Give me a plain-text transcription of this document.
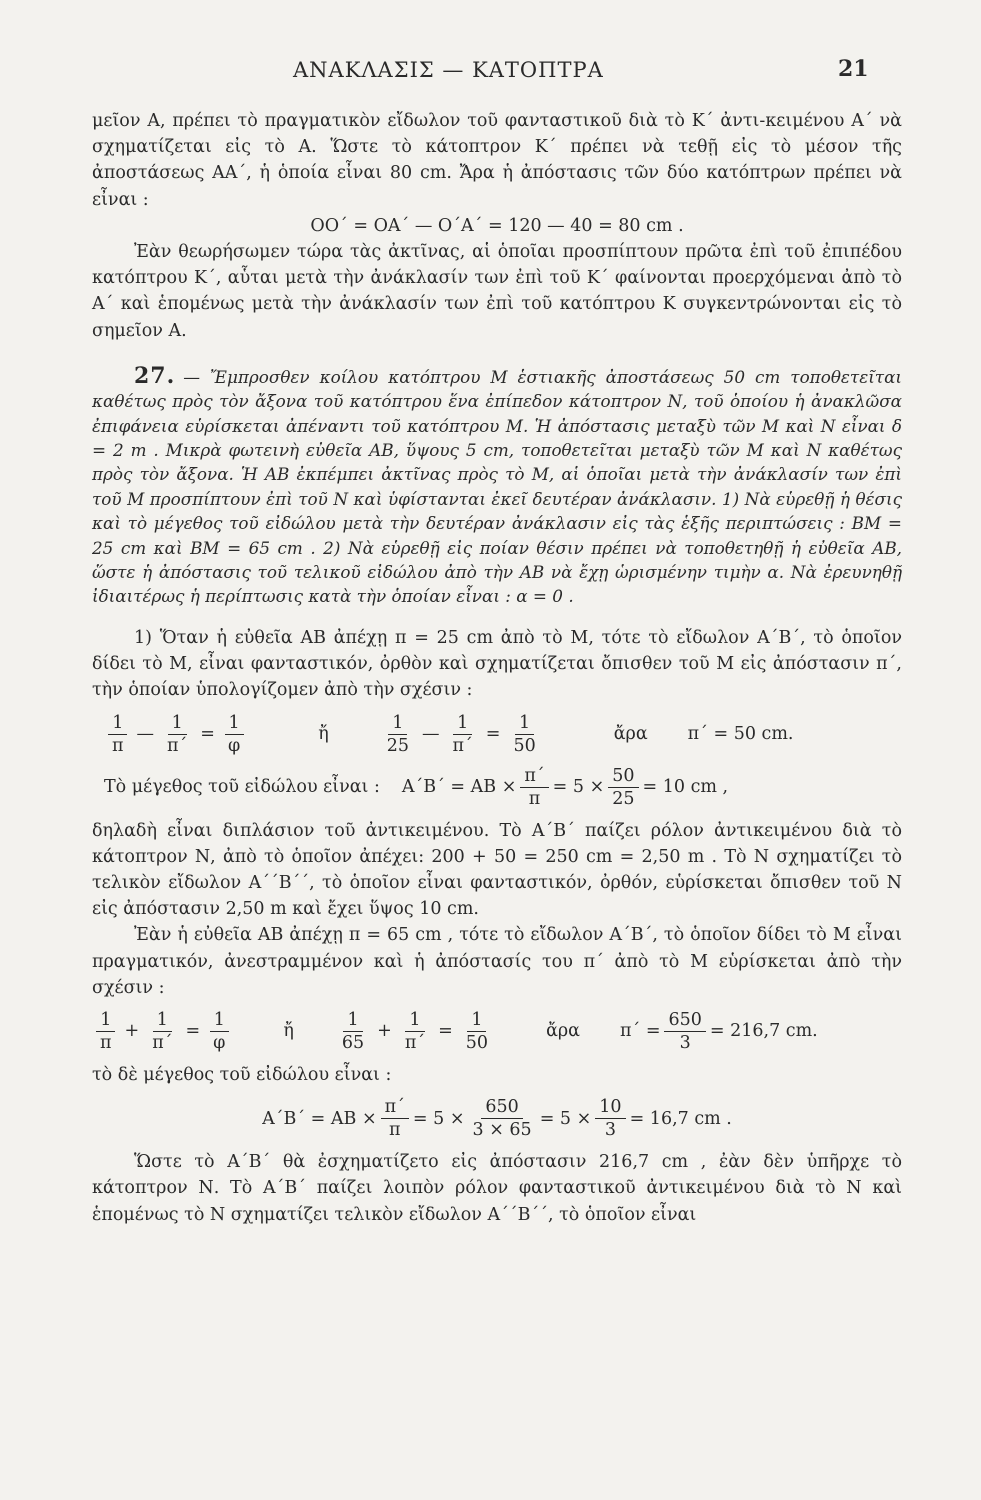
ΑΝΑΚΛΑΣΙΣ — ΚΑΤΟΠΤΡΑ	21

μεῖον Α, πρέπει τὸ πραγματικὸν εἴδωλον τοῦ φανταστικοῦ διὰ τὸ Κ΄ ἀντι-κειμένου Α΄ νὰ σχηματίζεται εἰς τὸ Α. Ὥστε τὸ κάτοπτρον Κ΄ πρέπει νὰ τεθῇ εἰς τὸ μέσον τῆς ἀποστάσεως ΑΑ΄, ἡ ὁποία εἶναι 80 cm. Ἄρα ἡ ἀπόστασις τῶν δύο κατόπτρων πρέπει νὰ εἶναι :

ΟΟ΄ = ΟΑ΄ — Ο΄Α΄ = 120 — 40 = 80 cm .

Ἐὰν θεωρήσωμεν τώρα τὰς ἀκτῖνας, αἱ ὁποῖαι προσπίπτουν πρῶτα ἐπὶ τοῦ ἐπιπέδου κατόπτρου Κ΄, αὗται μετὰ τὴν ἀνάκλασίν των ἐπὶ τοῦ Κ΄ φαίνονται προερχόμεναι ἀπὸ τὸ Α΄ καὶ ἑπομένως μετὰ τὴν ἀνάκλασίν των ἐπὶ τοῦ κατόπτρου Κ συγκεντρώνονται εἰς τὸ σημεῖον Α.

27. — Ἔμπροσθεν κοίλου κατόπτρου Μ ἑστιακῆς ἀποστάσεως 50 cm τοποθετεῖται καθέτως πρὸς τὸν ἄξονα τοῦ κατόπτρου ἕνα ἐπίπεδον κάτοπτρον Ν, τοῦ ὁποίου ἡ ἀνακλῶσα ἐπιφάνεια εὑρίσκεται ἀπέναντι τοῦ κατόπτρου Μ. Ἡ ἀπόστασις μεταξὺ τῶν Μ καὶ Ν εἶναι δ = 2 m . Μικρὰ φωτεινὴ εὐθεῖα ΑΒ, ὕψους 5 cm, τοποθετεῖται μεταξὺ τῶν Μ καὶ Ν καθέτως πρὸς τὸν ἄξονα. Ἡ ΑΒ ἐκπέμπει ἀκτῖνας πρὸς τὸ Μ, αἱ ὁποῖαι μετὰ τὴν ἀνάκλασίν των ἐπὶ τοῦ Μ προσπίπτουν ἐπὶ τοῦ Ν καὶ ὑφίστανται ἐκεῖ δευτέραν ἀνάκλασιν. 1) Νὰ εὑρεθῇ ἡ θέσις καὶ τὸ μέγεθος τοῦ εἰδώλου μετὰ τὴν δευτέραν ἀνάκλασιν εἰς τὰς ἑξῆς περιπτώσεις : ΒΜ = 25 cm καὶ ΒΜ = 65 cm . 2) Νὰ εὑρεθῇ εἰς ποίαν θέσιν πρέπει νὰ τοποθετηθῇ ἡ εὐθεῖα ΑΒ, ὥστε ἡ ἀπόστασις τοῦ τελικοῦ εἰδώλου ἀπὸ τὴν ΑΒ νὰ ἔχῃ ὡρισμένην τιμὴν α. Νὰ ἐρευνηθῇ ἰδιαιτέρως ἡ περίπτωσις κατὰ τὴν ὁποίαν εἶναι : α = 0 .

1) Ὅταν ἡ εὐθεῖα ΑΒ ἀπέχῃ π = 25 cm ἀπὸ τὸ Μ, τότε τὸ εἴδωλον Α΄Β΄, τὸ ὁποῖον δίδει τὸ Μ, εἶναι φανταστικόν, ὀρθὸν καὶ σχηματίζεται ὄπισθεν τοῦ Μ εἰς ἀπόστασιν π΄, τὴν ὁποίαν ὑπολογίζομεν ἀπὸ τὴν σχέσιν :

$\frac{1}{\pi}$ — $\frac{1}{\pi΄} = \frac{1}{\varphi}$	ἤ	$\frac{1}{25}$ — $\frac{1}{\pi΄} = \frac{1}{50}$	ἄρα π΄ = 50 cm.
Τὸ μέγεθος τοῦ εἰδώλου εἶναι : $A΄B΄ = AB \times \frac{\pi΄}{\pi} = 5 \times \frac{50}{25} = 10$ cm ,

δηλαδὴ εἶναι διπλάσιον τοῦ ἀντικειμένου. Τὸ Α΄Β΄ παίζει ρόλον ἀντικειμένου διὰ τὸ κάτοπτρον Ν, ἀπὸ τὸ ὁποῖον ἀπέχει: 200 + 50 = 250 cm = 2,50 m . Τὸ Ν σχηματίζει τὸ τελικὸν εἴδωλον Α΄΄Β΄΄, τὸ ὁποῖον εἶναι φανταστικόν, ὀρθόν, εὑρίσκεται ὄπισθεν τοῦ Ν εἰς ἀπόστασιν 2,50 m καὶ ἔχει ὕψος 10 cm.

Ἐὰν ἡ εὐθεῖα ΑΒ ἀπέχῃ π = 65 cm , τότε τὸ εἴδωλον Α΄Β΄, τὸ ὁποῖον δίδει τὸ Μ εἶναι πραγματικόν, ἀνεστραμμένον καὶ ἡ ἀπόστασίς του π΄ ἀπὸ τὸ Μ εὑρίσκεται ἀπὸ τὴν σχέσιν :

$\frac{1}{\pi} + \frac{1}{\pi΄} = \frac{1}{\varphi}$	ἤ	$\frac{1}{65} + \frac{1}{\pi΄} = \frac{1}{50}$	ἄρα $\pi΄ = \frac{650}{3} = 216,7$ cm.

τὸ δὲ μέγεθος τοῦ εἰδώλου εἶναι :

$A΄B΄ = AB \times \frac{\pi΄}{\pi} = 5 \times \frac{650}{3 \times 65} = 5 \times \frac{10}{3} = 16,7$ cm .

Ὥστε τὸ Α΄Β΄ θὰ ἐσχηματίζετο εἰς ἀπόστασιν 216,7 cm , ἐὰν δὲν ὑπῆρχε τὸ κάτοπτρον Ν. Τὸ Α΄Β΄ παίζει λοιπὸν ρόλον φανταστικοῦ ἀντικειμένου διὰ τὸ Ν καὶ ἑπομένως τὸ Ν σχηματίζει τελικὸν εἴδωλον Α΄΄Β΄΄, τὸ ὁποῖον εἶναι
